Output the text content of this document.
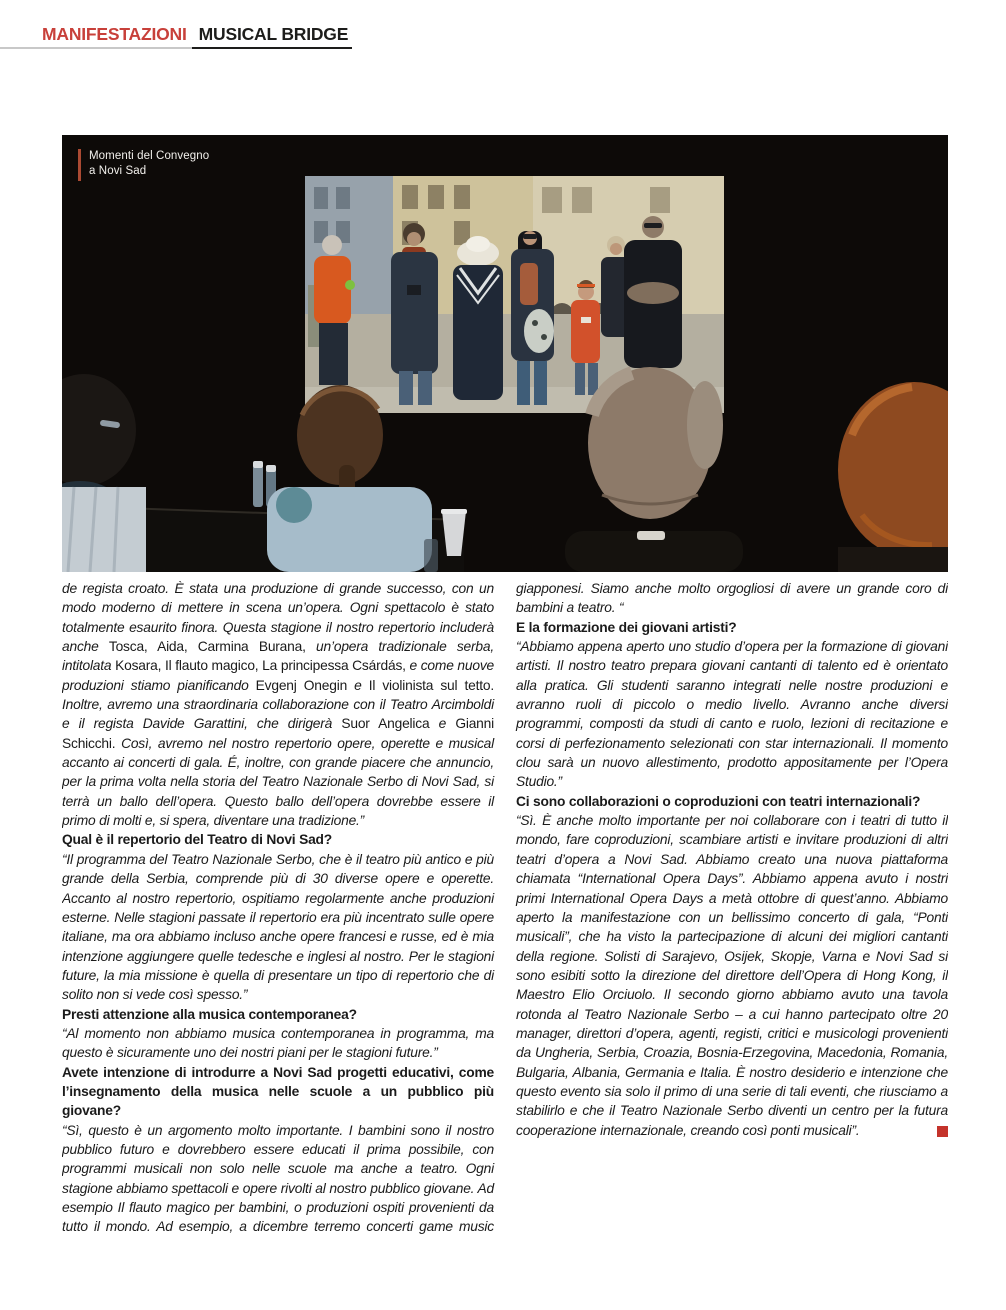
MANIFESTAZIONI MUSICAL BRIDGE
Momenti del Convegno
a Novi Sad

de regista croato. È stata una produzione di grande successo, con un modo moderno di mettere in scena un’opera. Ogni spettacolo è stato totalmente esaurito finora. Questa stagione il nostro repertorio includerà anche Tosca, Aida, Carmina Burana, un’opera tradizionale serba, intitolata Kosara, Il flauto magico, La principessa Csárdás, e come nuove produzioni stiamo pianificando Evgenj Onegin e Il violinista sul tetto. Inoltre, avremo una straordinaria collaborazione con il Teatro Arcimboldi e il regista Davide Garattini, che dirigerà Suor Angelica e Gianni Schicchi. Così, avremo nel nostro repertorio opere, operette e musical accanto ai concerti di gala. É, inoltre, con grande piacere che annuncio, per la prima volta nella storia del Teatro Nazionale Serbo di Novi Sad, si terrà un ballo dell’opera. Questo ballo dell’opera dovrebbe essere il primo di molti e, si spera, diventare una tradizione.”

Qual è il repertorio del Teatro di Novi Sad?

“Il programma del Teatro Nazionale Serbo, che è il teatro più antico e più grande della Serbia, comprende più di 30 diverse opere e operette. Accanto al nostro repertorio, ospitiamo regolarmente anche produzioni esterne. Nelle stagioni passate il repertorio era più incentrato sulle opere italiane, ma ora abbiamo incluso anche opere francesi e russe, ed è mia intenzione aggiungere quelle tedesche e inglesi al nostro. Per le stagioni future, la mia missione è quella di presentare un tipo di repertorio che di solito non si vede così spesso.”

Presti attenzione alla musica contemporanea?

“Al momento non abbiamo musica contemporanea in programma, ma questo è sicuramente uno dei nostri piani per le stagioni future.”

Avete intenzione di introdurre a Novi Sad progetti educativi, come l’insegnamento della musica nelle scuole a un pubblico più giovane?

“Sì, questo è un argomento molto importante. I bambini sono il nostro pubblico futuro e dovrebbero essere educati il prima possibile, con programmi musicali non solo nelle scuole ma anche a teatro. Ogni stagione abbiamo spettacoli e opere rivolti al nostro pubblico giovane. Ad esempio Il flauto magico per bambini, o produzioni ospiti provenienti da tutto il mondo. Ad esempio, a dicembre terremo concerti game music giapponesi. Siamo anche molto orgogliosi di avere un grande coro di bambini a teatro. “

E la formazione dei giovani artisti?

“Abbiamo appena aperto uno studio d’opera per la formazione di giovani artisti. Il nostro teatro prepara giovani cantanti di talento ed è orientato alla pratica. Gli studenti saranno integrati nelle nostre produzioni e avranno ruoli di piccolo o medio livello. Avranno anche diversi programmi, composti da studi di canto e ruolo, lezioni di recitazione e corsi di perfezionamento selezionati con star internazionali. Il momento clou sarà un nuovo allestimento, prodotto appositamente per l’Opera Studio.”

Ci sono collaborazioni o coproduzioni con teatri internazionali?

“Sì. È anche molto importante per noi collaborare con i teatri di tutto il mondo, fare coproduzioni, scambiare artisti e invitare produzioni di altri teatri d’opera a Novi Sad. Abbiamo creato una nuova piattaforma chiamata “International Opera Days”. Abbiamo appena avuto i nostri primi International Opera Days a metà ottobre di quest’anno. Abbiamo aperto la manifestazione con un bellissimo concerto di gala, “Ponti musicali”, che ha visto la partecipazione di alcuni dei migliori cantanti della regione. Solisti di Sarajevo, Osijek, Skopje, Varna e Novi Sad si sono esibiti sotto la direzione del direttore dell’Opera di Hong Kong, il Maestro Elio Orciuolo. Il secondo giorno abbiamo avuto una tavola rotonda al Teatro Nazionale Serbo – a cui hanno partecipato oltre 20 manager, direttori d’opera, agenti, registi, critici e musicologi provenienti da Ungheria, Serbia, Croazia, Bosnia-Erzegovina, Macedonia, Romania, Bulgaria, Albania, Germania e Italia. È nostro desiderio e intenzione che questo evento sia solo il primo di una serie di tali eventi, che riusciamo a stabilirlo e che il Teatro Nazionale Serbo diventi un centro per la futura cooperazione internazionale, creando così ponti musicali”.
